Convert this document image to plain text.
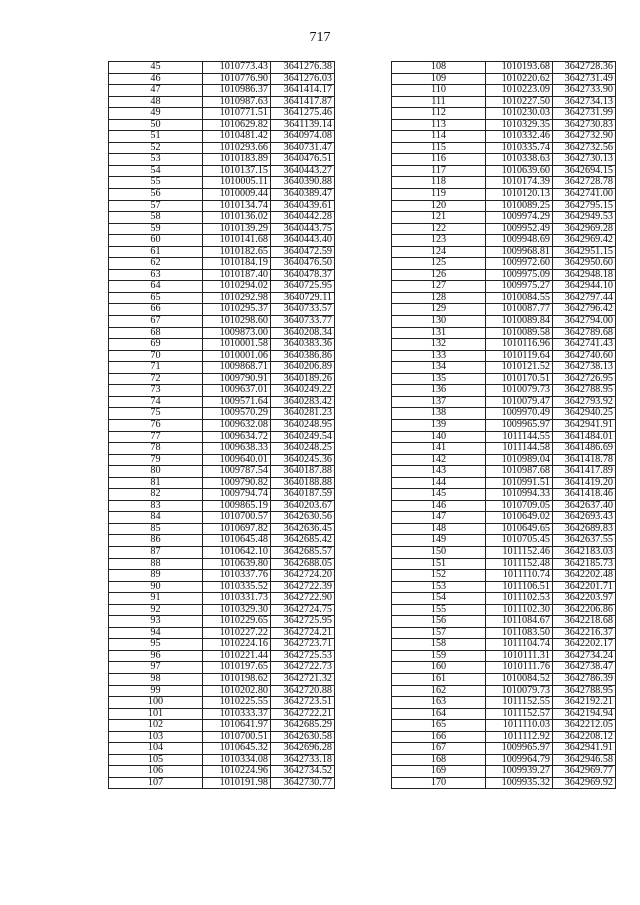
717
45	1010773.43	3641276.38
46	1010776.90	3641276.03
47	1010986.37	3641414.17
48	1010987.63	3641417.87
49	1010771.51	3641275.46
50	1010629.82	3641139.14
51	1010481.42	3640974.08
52	1010293.66	3640731.47
53	1010183.89	3640476.51
54	1010137.15	3640443.27
55	1010005.11	3640390.88
56	1010009.44	3640389.47
57	1010134.74	3640439.61
58	1010136.02	3640442.28
59	1010139.29	3640443.75
60	1010141.68	3640443.40
61	1010182.65	3640472.59
62	1010184.19	3640476.50
63	1010187.40	3640478.37
64	1010294.02	3640725.95
65	1010292.98	3640729.11
66	1010295.37	3640733.57
67	1010298.60	3640733.77
68	1009873.00	3640208.34
69	1010001.58	3640383.36
70	1010001.06	3640386.86
71	1009868.71	3640206.89
72	1009790.91	3640189.26
73	1009637.01	3640249.22
74	1009571.64	3640283.42
75	1009570.29	3640281.23
76	1009632.08	3640248.95
77	1009634.72	3640249.54
78	1009638.33	3640248.25
79	1009640.01	3640245.36
80	1009787.54	3640187.88
81	1009790.82	3640188.88
82	1009794.74	3640187.59
83	1009865.19	3640203.67
84	1010700.57	3642630.56
85	1010697.82	3642636.45
86	1010645.48	3642685.42
87	1010642.10	3642685.57
88	1010639.80	3642688.05
89	1010337.76	3642724.20
90	1010335.52	3642722.39
91	1010331.73	3642722.90
92	1010329.30	3642724.75
93	1010229.65	3642725.95
94	1010227.22	3642724.21
95	1010224.16	3642723.71
96	1010221.44	3642725.53
97	1010197.65	3642722.73
98	1010198.62	3642721.32
99	1010202.80	3642720.88
100	1010225.55	3642723.51
101	1010333.37	3642722.21
102	1010641.97	3642685.29
103	1010700.51	3642630.58
104	1010645.32	3642696.28
105	1010334.08	3642733.18
106	1010224.96	3642734.52
107	1010191.98	3642730.77
108	1010193.68	3642728.36
109	1010220.62	3642731.49
110	1010223.09	3642733.90
111	1010227.50	3642734.13
112	1010230.03	3642731.99
113	1010329.35	3642730.83
114	1010332.46	3642732.90
115	1010335.74	3642732.56
116	1010338.63	3642730.13
117	1010639.60	3642694.15
118	1010174.39	3642728.78
119	1010120.13	3642741.00
120	1010089.25	3642795.15
121	1009974.29	3642949.53
122	1009952.49	3642969.28
123	1009948.69	3642969.42
124	1009968.81	3642951.15
125	1009972.60	3642950.60
126	1009975.09	3642948.18
127	1009975.27	3642944.10
128	1010084.55	3642797.44
129	1010087.77	3642796.42
130	1010089.84	3642794.00
131	1010089.58	3642789.68
132	1010116.96	3642741.43
133	1010119.64	3642740.60
134	1010121.52	3642738.13
135	1010170.51	3642726.95
136	1010079.73	3642788.95
137	1010079.47	3642793.92
138	1009970.49	3642940.25
139	1009965.97	3642941.91
140	1011144.55	3641484.01
141	1011144.58	3641486.69
142	1010989.04	3641418.78
143	1010987.68	3641417.89
144	1010991.51	3641419.20
145	1010994.33	3641418.46
146	1010709.05	3642637.40
147	1010649.02	3642693.43
148	1010649.65	3642689.83
149	1010705.45	3642637.55
150	1011152.46	3642183.03
151	1011152.48	3642185.73
152	1011110.74	3642202.48
153	1011106.51	3642201.71
154	1011102.53	3642203.97
155	1011102.30	3642206.86
156	1011084.67	3642218.68
157	1011083.50	3642216.37
158	1011104.74	3642202.17
159	1010111.31	3642734.24
160	1010111.76	3642738.47
161	1010084.52	3642786.39
162	1010079.73	3642788.95
163	1011152.55	3642192.21
164	1011152.57	3642194.94
165	1011110.03	3642212.05
166	1011112.92	3642208.12
167	1009965.97	3642941.91
168	1009964.79	3642946.58
169	1009939.27	3642969.77
170	1009935.32	3642969.92
